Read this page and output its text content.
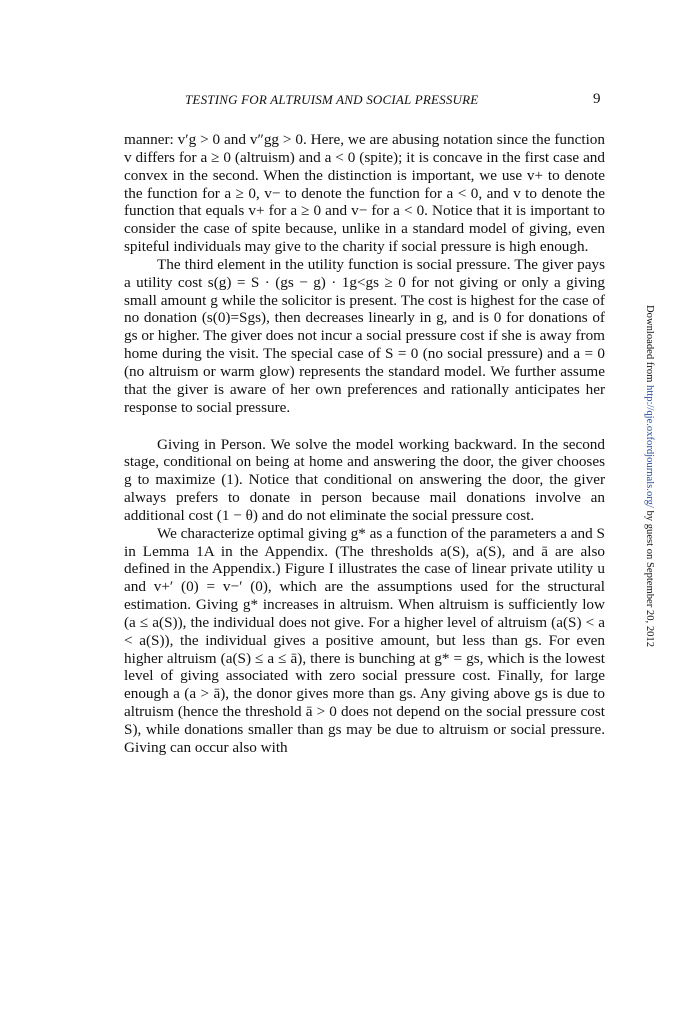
TESTING FOR ALTRUISM AND SOCIAL PRESSURE	9

manner: v′g > 0 and v″gg > 0. Here, we are abusing notation since the function v differs for a ≥ 0 (altruism) and a < 0 (spite); it is concave in the first case and convex in the second. When the distinction is important, we use v+ to denote the function for a ≥ 0, v− to denote the function for a < 0, and v to denote the function that equals v+ for a ≥ 0 and v− for a < 0. Notice that it is important to consider the case of spite because, unlike in a standard model of giving, even spiteful individuals may give to the charity if social pressure is high enough.

The third element in the utility function is social pressure. The giver pays a utility cost s(g) = S · (gs − g) · 1g<gs ≥ 0 for not giving or only a giving small amount g while the solicitor is present. The cost is highest for the case of no donation (s(0)=Sgs), then decreases linearly in g, and is 0 for donations of gs or higher. The giver does not incur a social pressure cost if she is away from home during the visit. The special case of S = 0 (no social pressure) and a = 0 (no altruism or warm glow) represents the standard model. We further assume that the giver is aware of her own preferences and rationally anticipates her response to social pressure.

Giving in Person. We solve the model working backward. In the second stage, conditional on being at home and answering the door, the giver chooses g to maximize (1). Notice that conditional on answering the door, the giver always prefers to donate in person because mail donations involve an additional cost (1 − θ) and do not eliminate the social pressure cost.

We characterize optimal giving g* as a function of the parameters a and S in Lemma 1A in the Appendix. (The thresholds a(S), a(S), and ā are also defined in the Appendix.) Figure I illustrates the case of linear private utility u and v+′ (0) = v−′ (0), which are the assumptions used for the structural estimation. Giving g* increases in altruism. When altruism is sufficiently low (a ≤ a(S)), the individual does not give. For a higher level of altruism (a(S) < a < a(S)), the individual gives a positive amount, but less than gs. For even higher altruism (a(S) ≤ a ≤ ā), there is bunching at g* = gs, which is the lowest level of giving associated with zero social pressure cost. Finally, for large enough a (a > ā), the donor gives more than gs. Any giving above gs is due to altruism (hence the threshold ā > 0 does not depend on the social pressure cost S), while donations smaller than gs may be due to altruism or social pressure. Giving can occur also with

Downloaded from http://qje.oxfordjournals.org/ by guest on September 20, 2012
